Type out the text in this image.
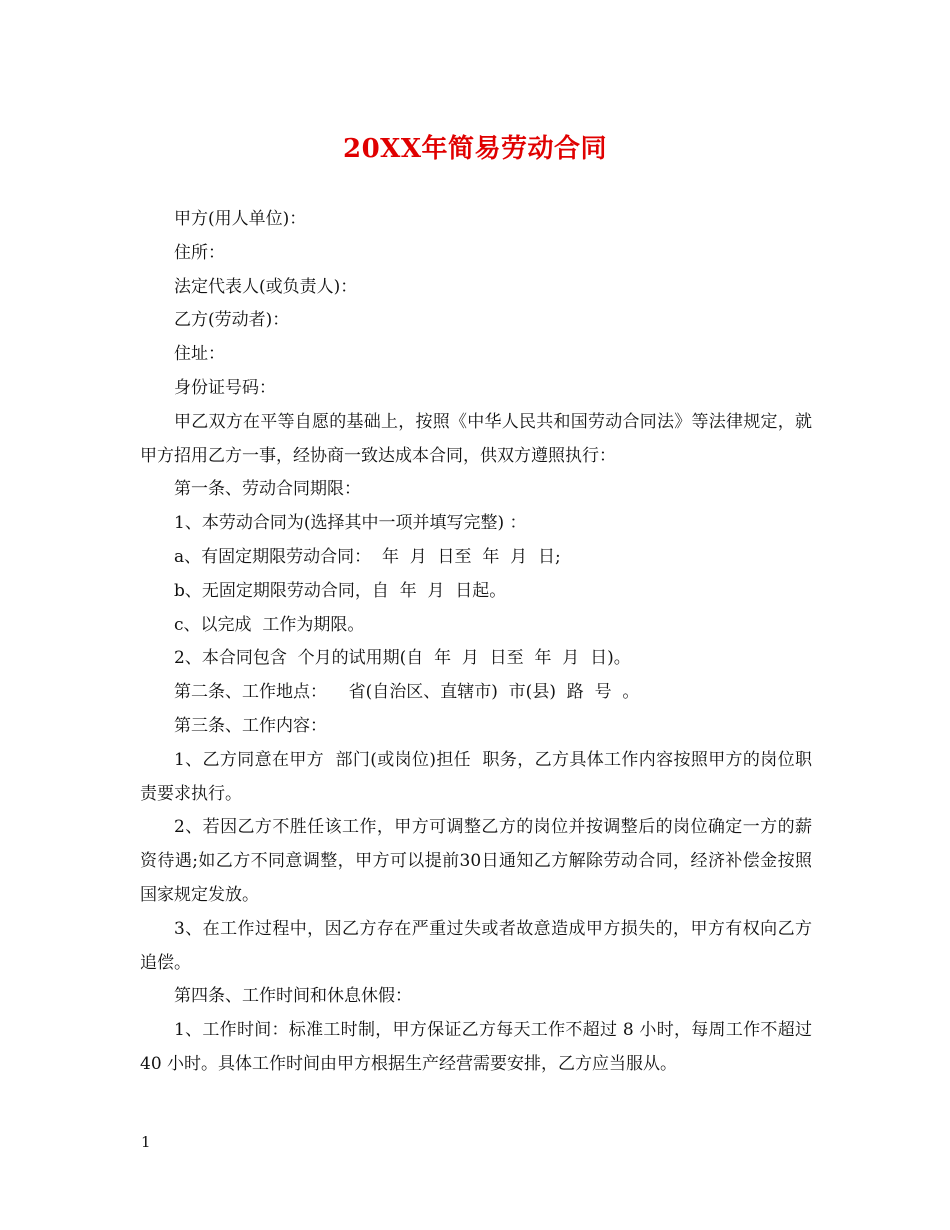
20XX年简易劳动合同

甲方(用人单位)：

住所：

法定代表人(或负责人)：

乙方(劳动者)：

住址：

身份证号码：

甲乙双方在平等自愿的基础上，按照《中华人民共和国劳动合同法》等法律规定，就甲方招用乙方一事，经协商一致达成本合同，供双方遵照执行：

第一条、劳动合同期限：

1、本劳动合同为(选择其中一项并填写完整) ：

a、有固定期限劳动合同：  年  月  日至  年  月  日;

b、无固定期限劳动合同，自  年  月  日起。

c、以完成  工作为期限。

2、本合同包含  个月的试用期(自  年  月  日至  年  月  日)。

第二条、工作地点：    省(自治区、直辖市)  市(县)  路  号  。

第三条、工作内容：

1、乙方同意在甲方  部门(或岗位)担任  职务，乙方具体工作内容按照甲方的岗位职责要求执行。

2、若因乙方不胜任该工作，甲方可调整乙方的岗位并按调整后的岗位确定一方的薪资待遇;如乙方不同意调整，甲方可以提前30日通知乙方解除劳动合同，经济补偿金按照国家规定发放。

3、在工作过程中，因乙方存在严重过失或者故意造成甲方损失的，甲方有权向乙方追偿。

第四条、工作时间和休息休假：

1、工作时间：标准工时制，甲方保证乙方每天工作不超过 8 小时，每周工作不超过 40 小时。具体工作时间由甲方根据生产经营需要安排，乙方应当服从。

1
